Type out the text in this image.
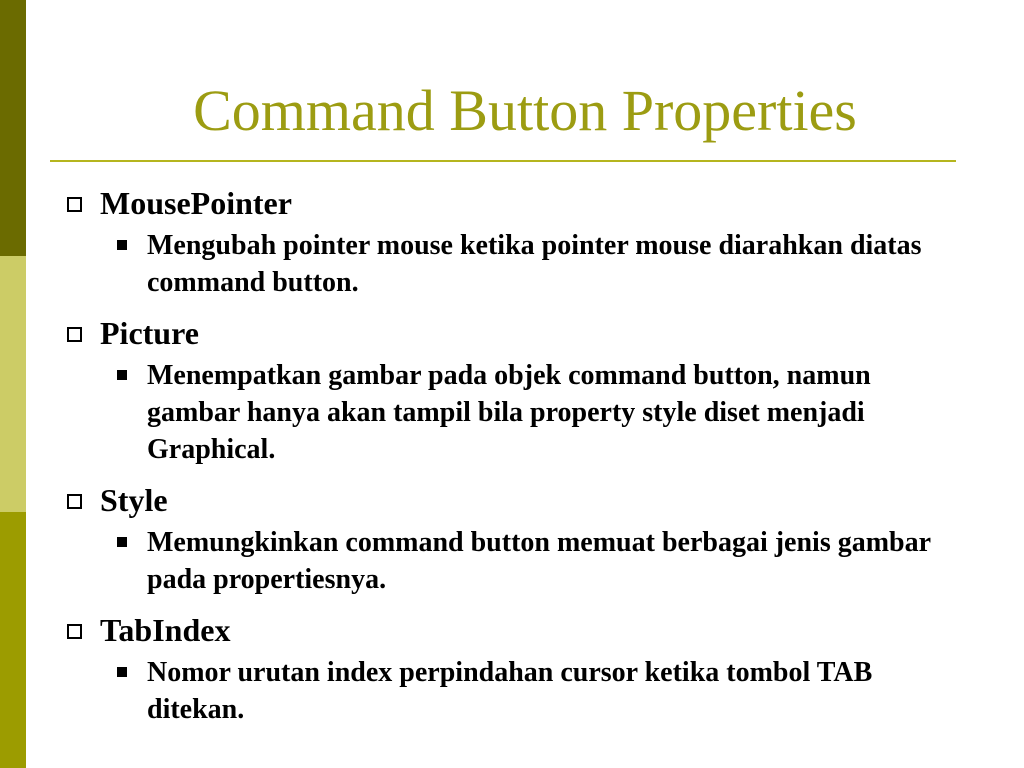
Command Button Properties
MousePointer
Mengubah pointer mouse ketika pointer mouse diarahkan diatas command button.
Picture
Menempatkan gambar pada objek command button, namun gambar hanya akan tampil bila property style diset menjadi Graphical.
Style
Memungkinkan command button memuat berbagai jenis gambar pada propertiesnya.
TabIndex
Nomor urutan index perpindahan cursor ketika tombol TAB ditekan.
